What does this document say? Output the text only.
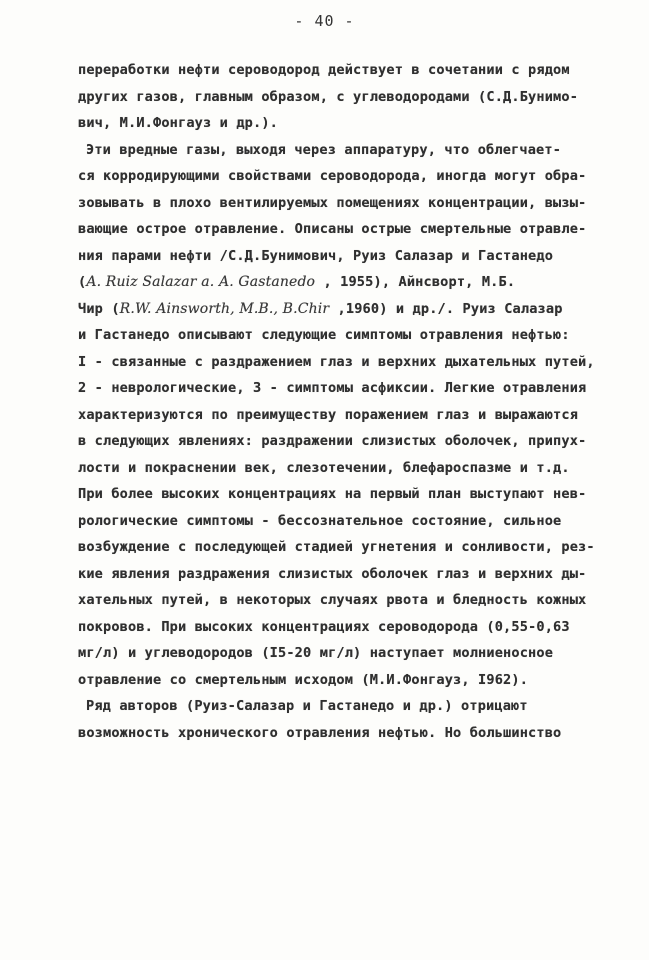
- 40 -
переработки нефти сероводород действует в сочетании с рядом
других газов, главным образом, с углеводородами (С.Д.Бунимо-
вич, М.И.Фонгауз и др.).
Эти вредные газы, выходя через аппаратуру, что облегчает-
ся корродирующими свойствами сероводорода, иногда могут обра-
зовывать в плохо вентилируемых помещениях концентрации, вызы-
вающие острое отравление. Описаны острые смертельные отравле-
ния парами нефти /С.Д.Бунимович, Руиз Салазар и Гастанедо
(A. Ruiz Salazar a. A. Gastanedo , 1955), Айнсворт, М.Б.
Чир (R.W. Ainsworth, M.B., B.Chir ,1960) и др./. Руиз Салазар
и Гастанедо описывают следующие симптомы отравления нефтью:
I - связанные с раздражением глаз и верхних дыхательных путей,
2 - неврологические, 3 - симптомы асфиксии. Легкие отравления
характеризуются по преимуществу поражением глаз и выражаются
в следующих явлениях: раздражении слизистых оболочек, припух-
лости и покраснении век, слезотечении, блефароспазме и т.д.
При более высоких концентрациях на первый план выступают нев-
рологические симптомы - бессознательное состояние, сильное
возбуждение с последующей стадией угнетения и сонливости, рез-
кие явления раздражения слизистых оболочек глаз и верхних ды-
хательных путей, в некоторых случаях рвота и бледность кожных
покровов. При высоких концентрациях сероводорода (0,55-0,63
мг/л) и углеводородов (I5-20 мг/л) наступает молниеносное
отравление со смертельным исходом (М.И.Фонгауз, I962).
Ряд авторов (Руиз-Салазар и Гастанедо и др.) отрицают
возможность хронического отравления нефтью. Но большинство
